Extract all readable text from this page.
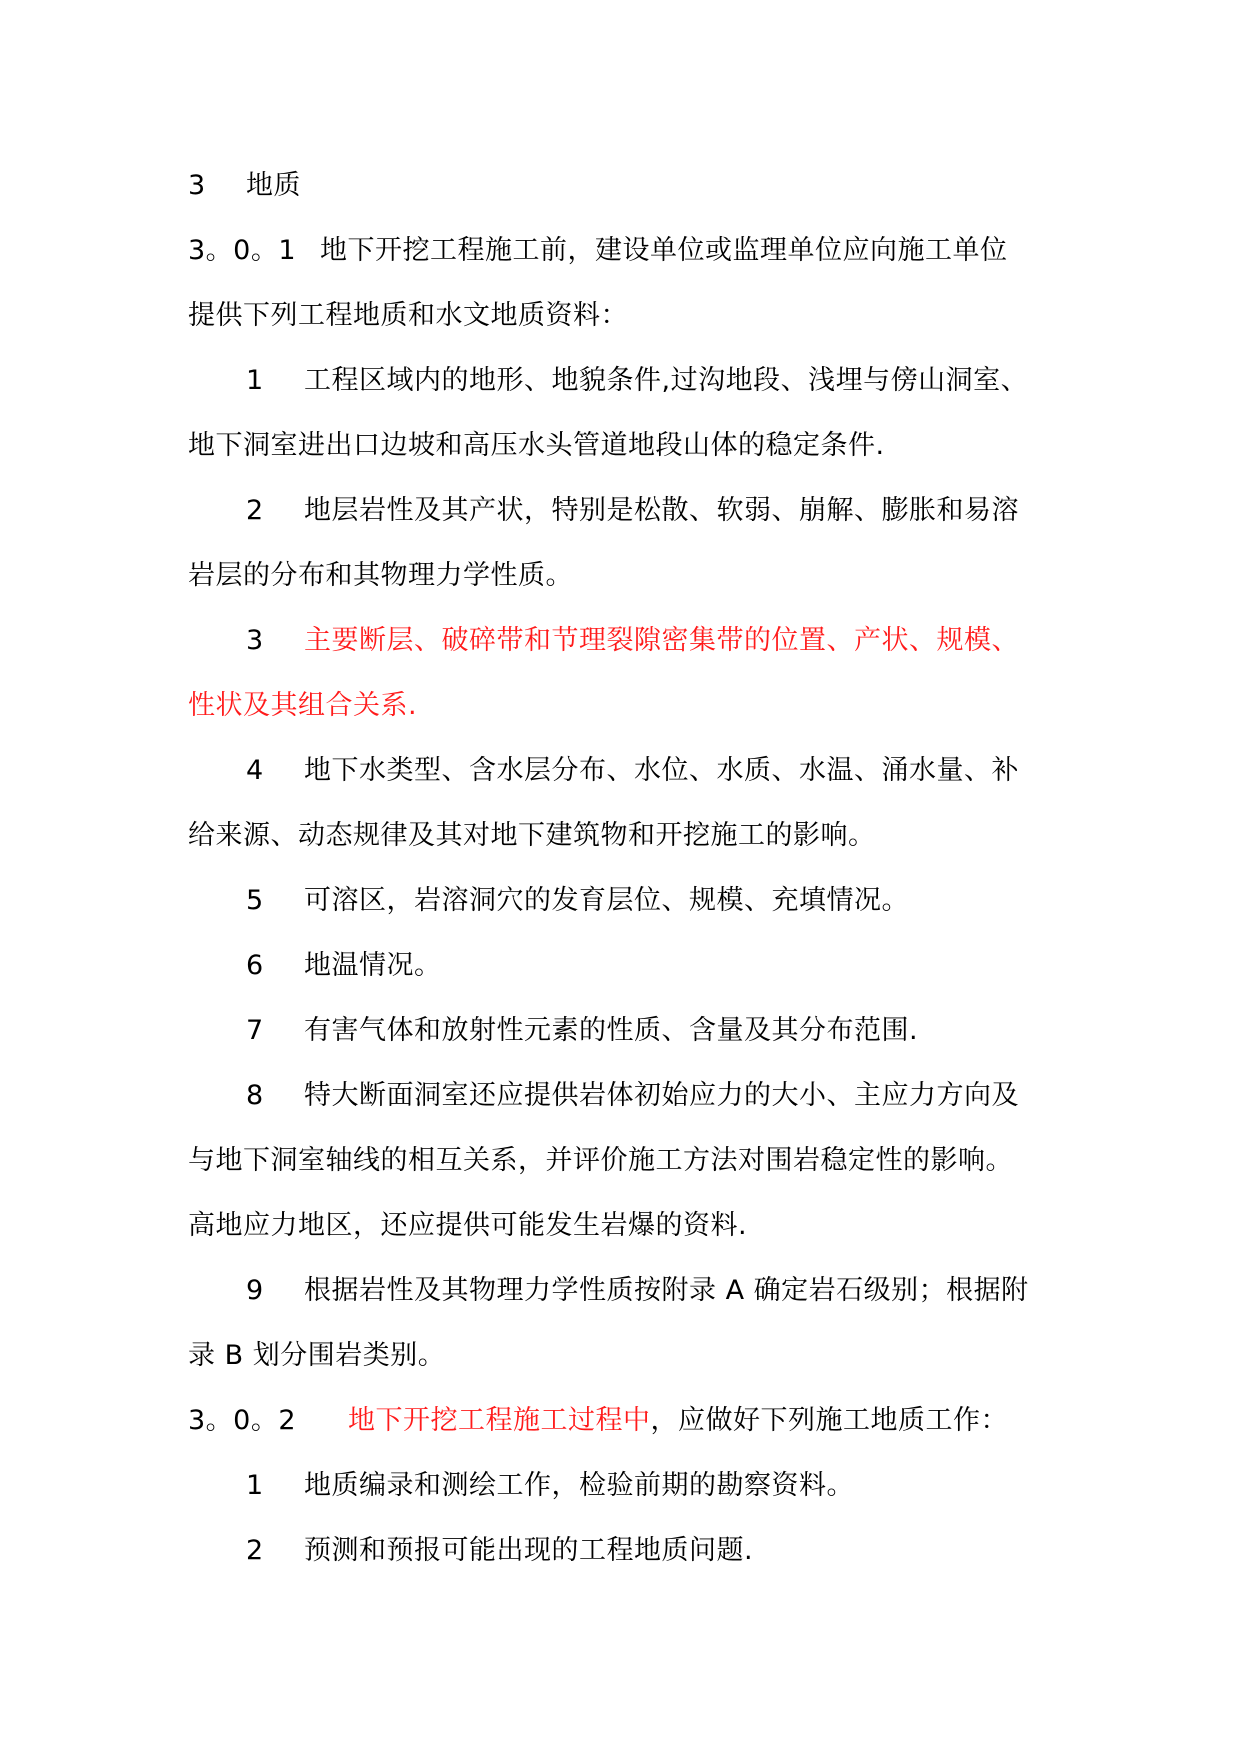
3 地质
3。0。1 地下开挖工程施工前，建设单位或监理单位应向施工单位
提供下列工程地质和水文地质资料：
1 工程区域内的地形、地貌条件,过沟地段、浅埋与傍山洞室、
地下洞室进出口边坡和高压水头管道地段山体的稳定条件.
2 地层岩性及其产状，特别是松散、软弱、崩解、膨胀和易溶
岩层的分布和其物理力学性质。
3 主要断层、破碎带和节理裂隙密集带的位置、产状、规模、
性状及其组合关系.
4 地下水类型、含水层分布、水位、水质、水温、涌水量、补
给来源、动态规律及其对地下建筑物和开挖施工的影响。
5 可溶区，岩溶洞穴的发育层位、规模、充填情况。
6 地温情况。
7 有害气体和放射性元素的性质、含量及其分布范围.
8 特大断面洞室还应提供岩体初始应力的大小、主应力方向及
与地下洞室轴线的相互关系，并评价施工方法对围岩稳定性的影响。
高地应力地区，还应提供可能发生岩爆的资料.
9 根据岩性及其物理力学性质按附录 A 确定岩石级别；根据附
录 B 划分围岩类别。
3。0。2 地下开挖工程施工过程中，应做好下列施工地质工作：
1 地质编录和测绘工作，检验前期的勘察资料。
2 预测和预报可能出现的工程地质问题.
